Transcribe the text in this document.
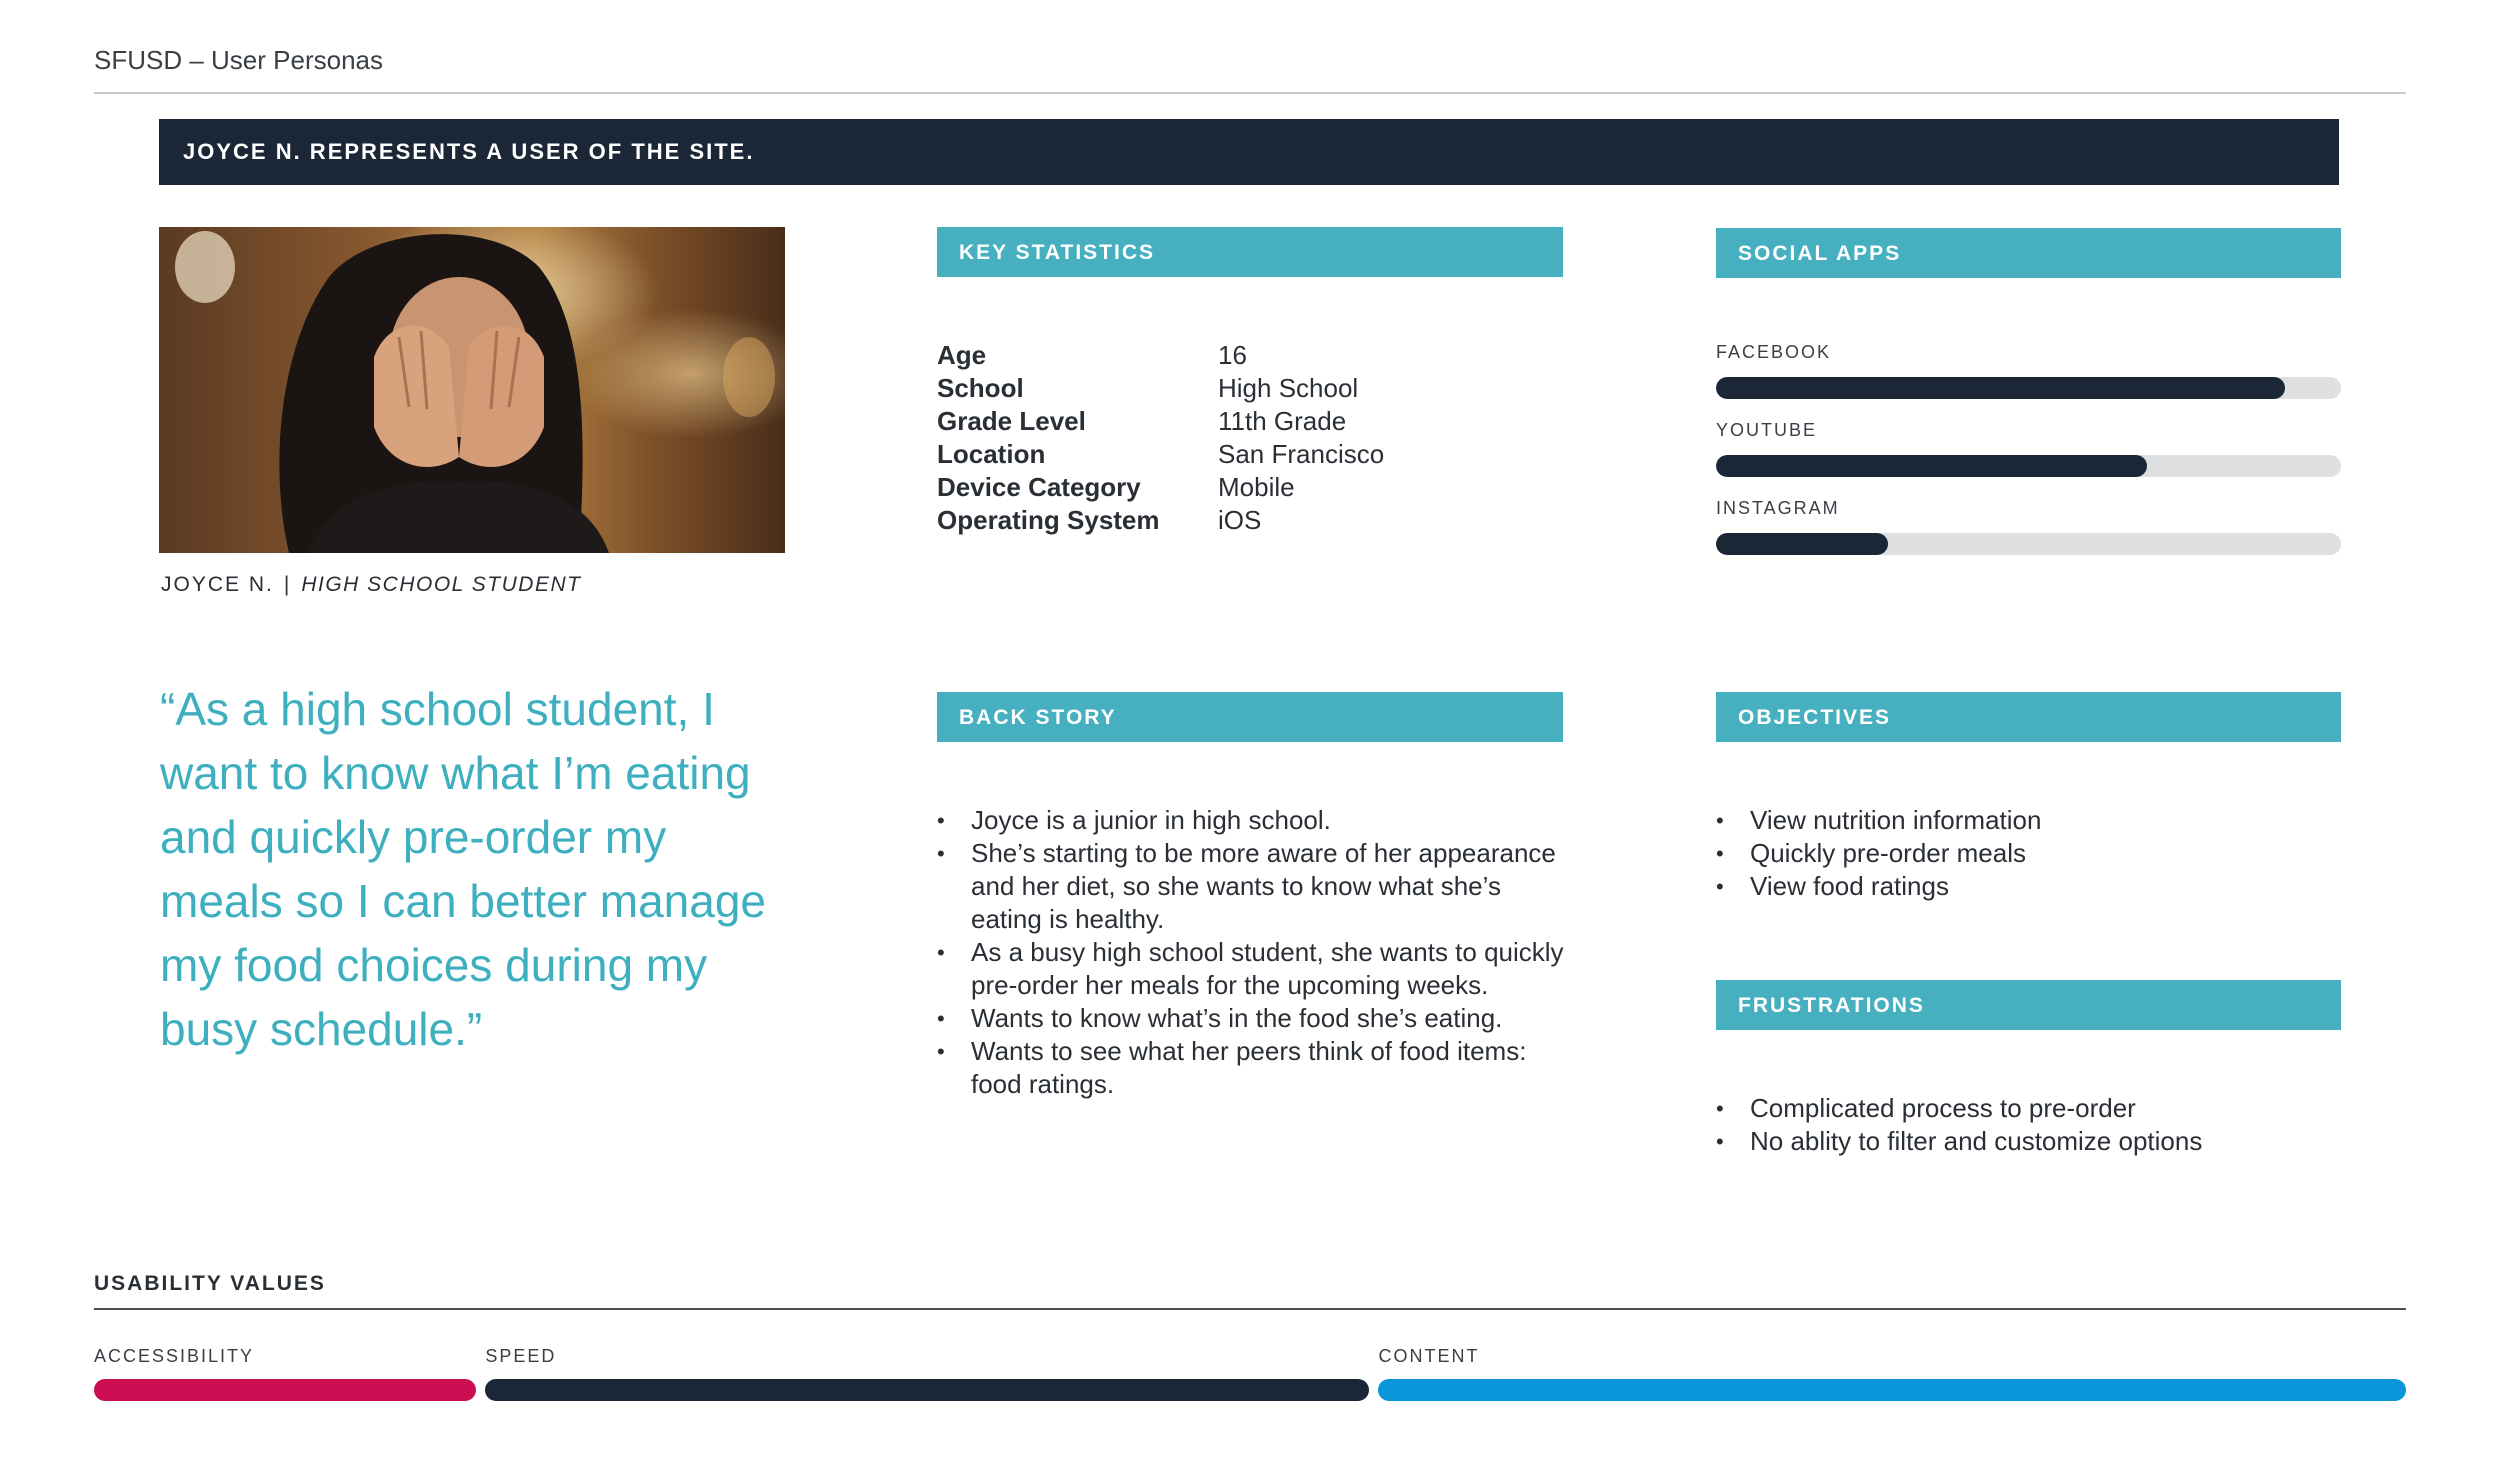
SFUSD – User Personas
JOYCE N. REPRESENTS A USER OF THE SITE.
JOYCE N. | HIGH SCHOOL STUDENT
“As a high school student, I want to know what I’m eating and quickly pre-order my meals so I can better manage my food choices during my busy schedule.”
KEY STATISTICS
Age	16
School	High School
Grade Level	11th Grade
Location	San Francisco
Device Category	Mobile
Operating System iOS
SOCIAL APPS
FACEBOOK
YOUTUBE
INSTAGRAM
BACK STORY
• Joyce is a junior in high school.
• She’s starting to be more aware of her appearance and her diet, so she wants to know what she’s eating is healthy.
• As a busy high school student, she wants to quickly pre-order her meals for the upcoming weeks.
• Wants to know what’s in the food she’s eating.
• Wants to see what her peers think of food items: food ratings.
OBJECTIVES
• View nutrition information
• Quickly pre-order meals
• View food ratings
FRUSTRATIONS
• Complicated process to pre-order
• No ablity to filter and customize options
USABILITY VALUES
ACCESSIBILITY	SPEED	CONTENT
